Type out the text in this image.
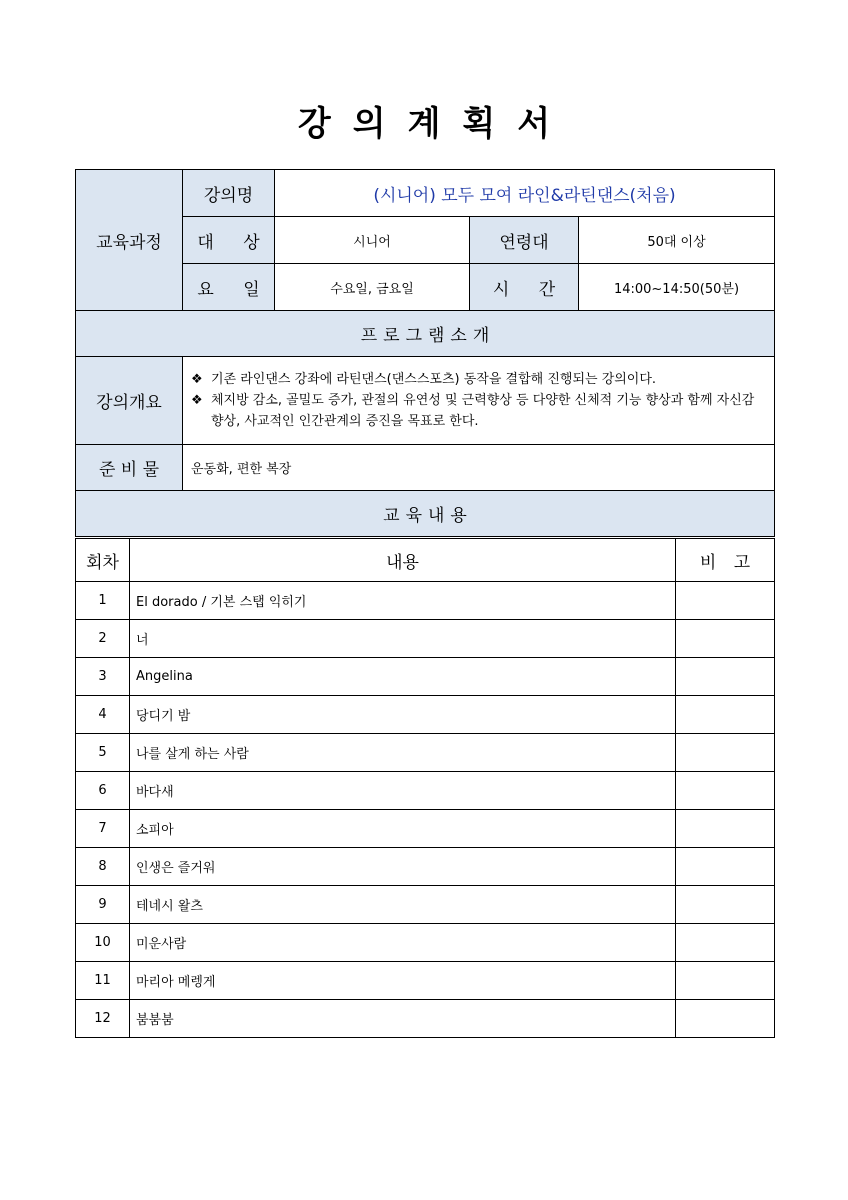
강의계획서
교육과정	강의명	(시니어) 모두 모여 라인&라틴댄스(처음)		
	대 상	시니어	연령대	50대 이상
	요 일	수요일, 금요일	시 간	14:00~14:50(50분)
프로그램소개				
강의개요	❖ 기존 라인댄스 강좌에 라틴댄스(댄스스포츠) 동작을 결합해 진행되는 강의이다.
❖ 체지방 감소, 골밀도 증가, 관절의 유연성 및 근력향상 등 다양한 신체적 기능 향상과 함께 자신감 향상, 사교적인 인간관계의 증진을 목표로 한다.			

준 비 물	운동화, 편한 복장			
교육내용				
회차	내용	비 고
1	El dorado / 기본 스탭 익히기	
2	너	
3	Angelina	
4	당디기 밤	
5	나를 살게 하는 사람	
6	바다새	
7	소피아	
8	인생은 즐거워	
9	테네시 왈츠	
10	미운사람	
11	마리아 메렝게	
12	붐붐붐	
